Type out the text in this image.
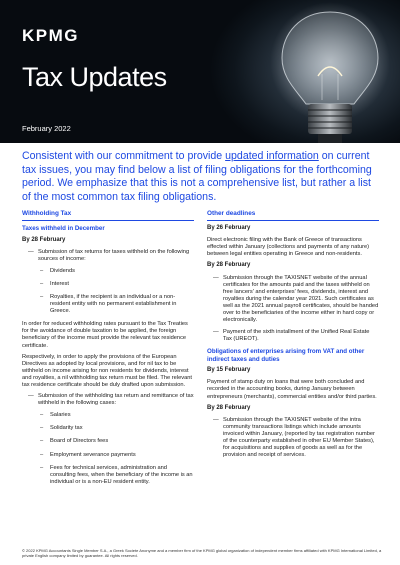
KPMG
Tax Updates
February 2022
Consistent with our commitment to provide updated information on current tax issues, you may find below a list of filing obligations for the forthcoming period. We emphasize that this is not a comprehensive list, but rather a list of the most common tax filing obligations.
Withholding Tax
Taxes withheld in December
By 28 February
— Submission of tax returns for taxes withheld on the following sources of income:
–	Dividends
–	Interest
–	Royalties, if the recipient is an individual or a non-resident entity with no permanent establishment in Greece.

In order for reduced withholding rates pursuant to the Tax Treaties for the avoidance of double taxation to be applied, the foreign beneficiary of the income must provide the relevant tax residence certificate.

Respectively, in order to apply the provisions of the European Directives as adopted by local provisions, and for nil tax to be withheld on income arising for non residents for dividends, interest and royalties, a nil withholding tax return must be filed. The relevant tax residence certificate should be duly drafted upon submission.

— Submission of the withholding tax return and remittance of tax withheld in the following cases:
–	Salaries
–	Solidarity tax
–	Board of Directors fees
–	Employment severance payments
–	Fees for technical services, administration and consulting fees, when the beneficiary of the income is an individual or is a non-EU resident entity.
Other deadlines
By 26 February

Direct electronic filing with the Bank of Greece of transactions effected within January (collections and payments of any nature) between legal entities operating in Greece and non-residents.

By 28 February
— Submission through the TAXISNET website of the annual certificates for the amounts paid and the taxes withheld on free lancers' and enterprises' fees, dividends, interest and royalties during the calendar year 2021. Such certificates as well as the 2021 annual payroll certificates, should be handed over to the beneficiaries of the income either in hard copy or electronically.
— Payment of the sixth installment of the Unified Real Estate Tax (UREOT).
Obligations of enterprises arising from VAT and other indirect taxes and duties
By 15 February

Payment of stamp duty on loans that were both concluded and recorded in the accounting books, during January between entrepreneurs (merchants), commercial entities and/or third parties.

By 28 February
— Submission through the TAXISNET website of the intra community transactions listings which include amounts invoiced within January, (reported by tax registration number of the counterparty established in other EU Member States), for acquisitions and supplies of goods as well as for the provision and receipt of services.
© 2022 KPMG Accountants Single Member S.A., a Greek Societe Anonyme and a member firm of the KPMG global organization of independent member firms affiliated with KPMG International Limited, a private English company limited by guarantee. All rights reserved.
